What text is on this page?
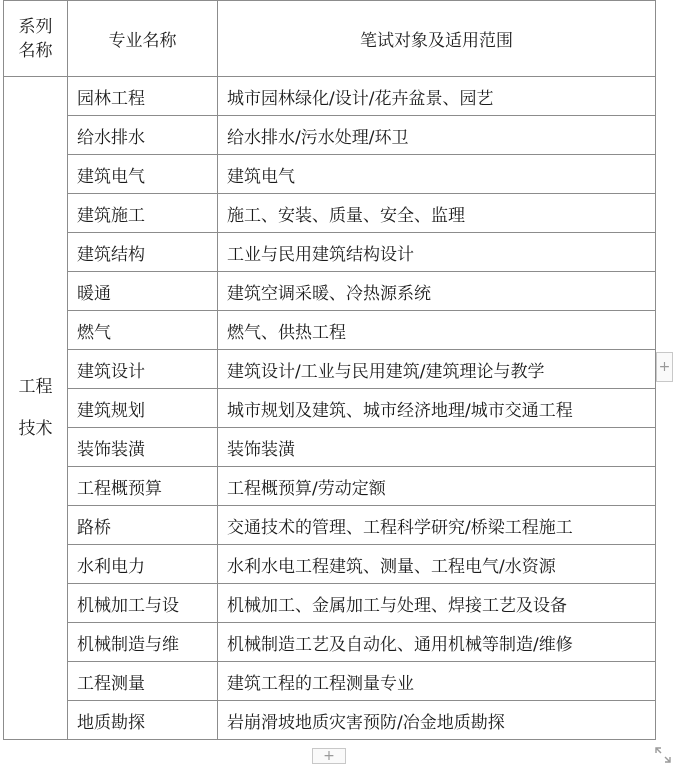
系列
名称	专业名称	笔试对象及适用范围

工程
技术	园林工程	城市园林绿化/设计/花卉盆景、园艺
	给水排水	给水排水/污水处理/环卫
	建筑电气	建筑电气
	建筑施工	施工、安装、质量、安全、监理
	建筑结构	工业与民用建筑结构设计
	暖通	建筑空调采暖、冷热源系统
	燃气	燃气、供热工程
	建筑设计	建筑设计/工业与民用建筑/建筑理论与教学
	建筑规划	城市规划及建筑、城市经济地理/城市交通工程
	装饰装潢	装饰装潢
	工程概预算	工程概预算/劳动定额
	路桥	交通技术的管理、工程科学研究/桥梁工程施工
	水利电力	水利水电工程建筑、测量、工程电气/水资源
	机械加工与设	机械加工、金属加工与处理、焊接工艺及设备
	机械制造与维	机械制造工艺及自动化、通用机械等制造/维修
	工程测量	建筑工程的工程测量专业
	地质勘探	岩崩滑坡地质灾害预防/冶金地质勘探
+
+
